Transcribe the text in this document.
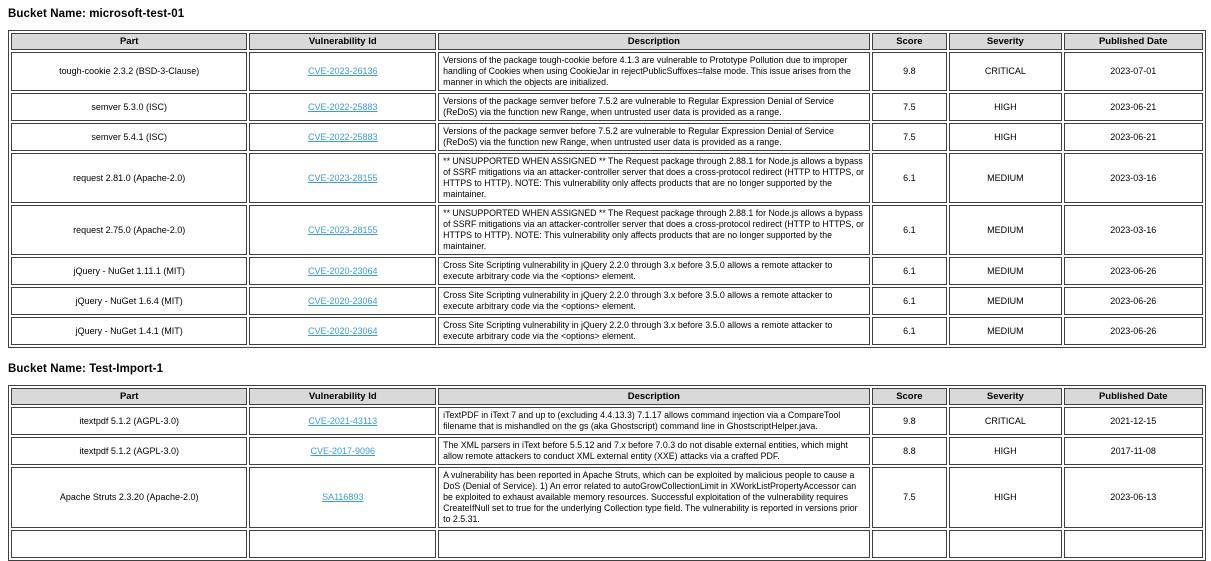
Bucket Name: microsoft-test-01
Part	Vulnerability Id	Description	Score	Severity	Published Date
tough-cookie 2.3.2 (BSD-3-Clause)	CVE-2023-26136	Versions of the package tough-cookie before 4.1.3 are vulnerable to Prototype Pollution due to improper handling of Cookies when using CookieJar in rejectPublicSuffixes=false mode. This issue arises from the manner in which the objects are initialized.	9.8	CRITICAL	2023-07-01
semver 5.3.0 (ISC)	CVE-2022-25883	Versions of the package semver before 7.5.2 are vulnerable to Regular Expression Denial of Service (ReDoS) via the function new Range, when untrusted user data is provided as a range.	7.5	HIGH	2023-06-21
semver 5.4.1 (ISC)	CVE-2022-25883	Versions of the package semver before 7.5.2 are vulnerable to Regular Expression Denial of Service (ReDoS) via the function new Range, when untrusted user data is provided as a range.	7.5	HIGH	2023-06-21
request 2.81.0 (Apache-2.0)	CVE-2023-28155	** UNSUPPORTED WHEN ASSIGNED ** The Request package through 2.88.1 for Node.js allows a bypass of SSRF mitigations via an attacker-controller server that does a cross-protocol redirect (HTTP to HTTPS, or HTTPS to HTTP). NOTE: This vulnerability only affects products that are no longer supported by the maintainer.	6.1	MEDIUM	2023-03-16
request 2.75.0 (Apache-2.0)	CVE-2023-28155	** UNSUPPORTED WHEN ASSIGNED ** The Request package through 2.88.1 for Node.js allows a bypass of SSRF mitigations via an attacker-controller server that does a cross-protocol redirect (HTTP to HTTPS, or HTTPS to HTTP). NOTE: This vulnerability only affects products that are no longer supported by the maintainer.	6.1	MEDIUM	2023-03-16
jQuery - NuGet 1.11.1 (MIT)	CVE-2020-23064	Cross Site Scripting vulnerability in jQuery 2.2.0 through 3.x before 3.5.0 allows a remote attacker to execute arbitrary code via the <options> element.	6.1	MEDIUM	2023-06-26
jQuery - NuGet 1.6.4 (MIT)	CVE-2020-23064	Cross Site Scripting vulnerability in jQuery 2.2.0 through 3.x before 3.5.0 allows a remote attacker to execute arbitrary code via the <options> element.	6.1	MEDIUM	2023-06-26
jQuery - NuGet 1.4.1 (MIT)	CVE-2020-23064	Cross Site Scripting vulnerability in jQuery 2.2.0 through 3.x before 3.5.0 allows a remote attacker to execute arbitrary code via the <options> element.	6.1	MEDIUM	2023-06-26
Bucket Name: Test-Import-1
Part	Vulnerability Id	Description	Score	Severity	Published Date
itextpdf 5.1.2 (AGPL-3.0)	CVE-2021-43113	iTextPDF in iText 7 and up to (excluding 4.4.13.3) 7.1.17 allows command injection via a CompareTool filename that is mishandled on the gs (aka Ghostscript) command line in GhostscriptHelper.java.	9.8	CRITICAL	2021-12-15
itextpdf 5.1.2 (AGPL-3.0)	CVE-2017-9096	The XML parsers in iText before 5.5.12 and 7.x before 7.0.3 do not disable external entities, which might allow remote attackers to conduct XML external entity (XXE) attacks via a crafted PDF.	8.8	HIGH	2017-11-08
Apache Struts 2.3.20 (Apache-2.0)	SA116893	A vulnerability has been reported in Apache Struts, which can be exploited by malicious people to cause a DoS (Denial of Service). 1) An error related to autoGrowCollectionLimit in XWorkListPropertyAccessor can be exploited to exhaust available memory resources. Successful exploitation of the vulnerability requires CreateIfNull set to true for the underlying Collection type field. The vulnerability is reported in versions prior to 2.5.31.	7.5	HIGH	2023-06-13
